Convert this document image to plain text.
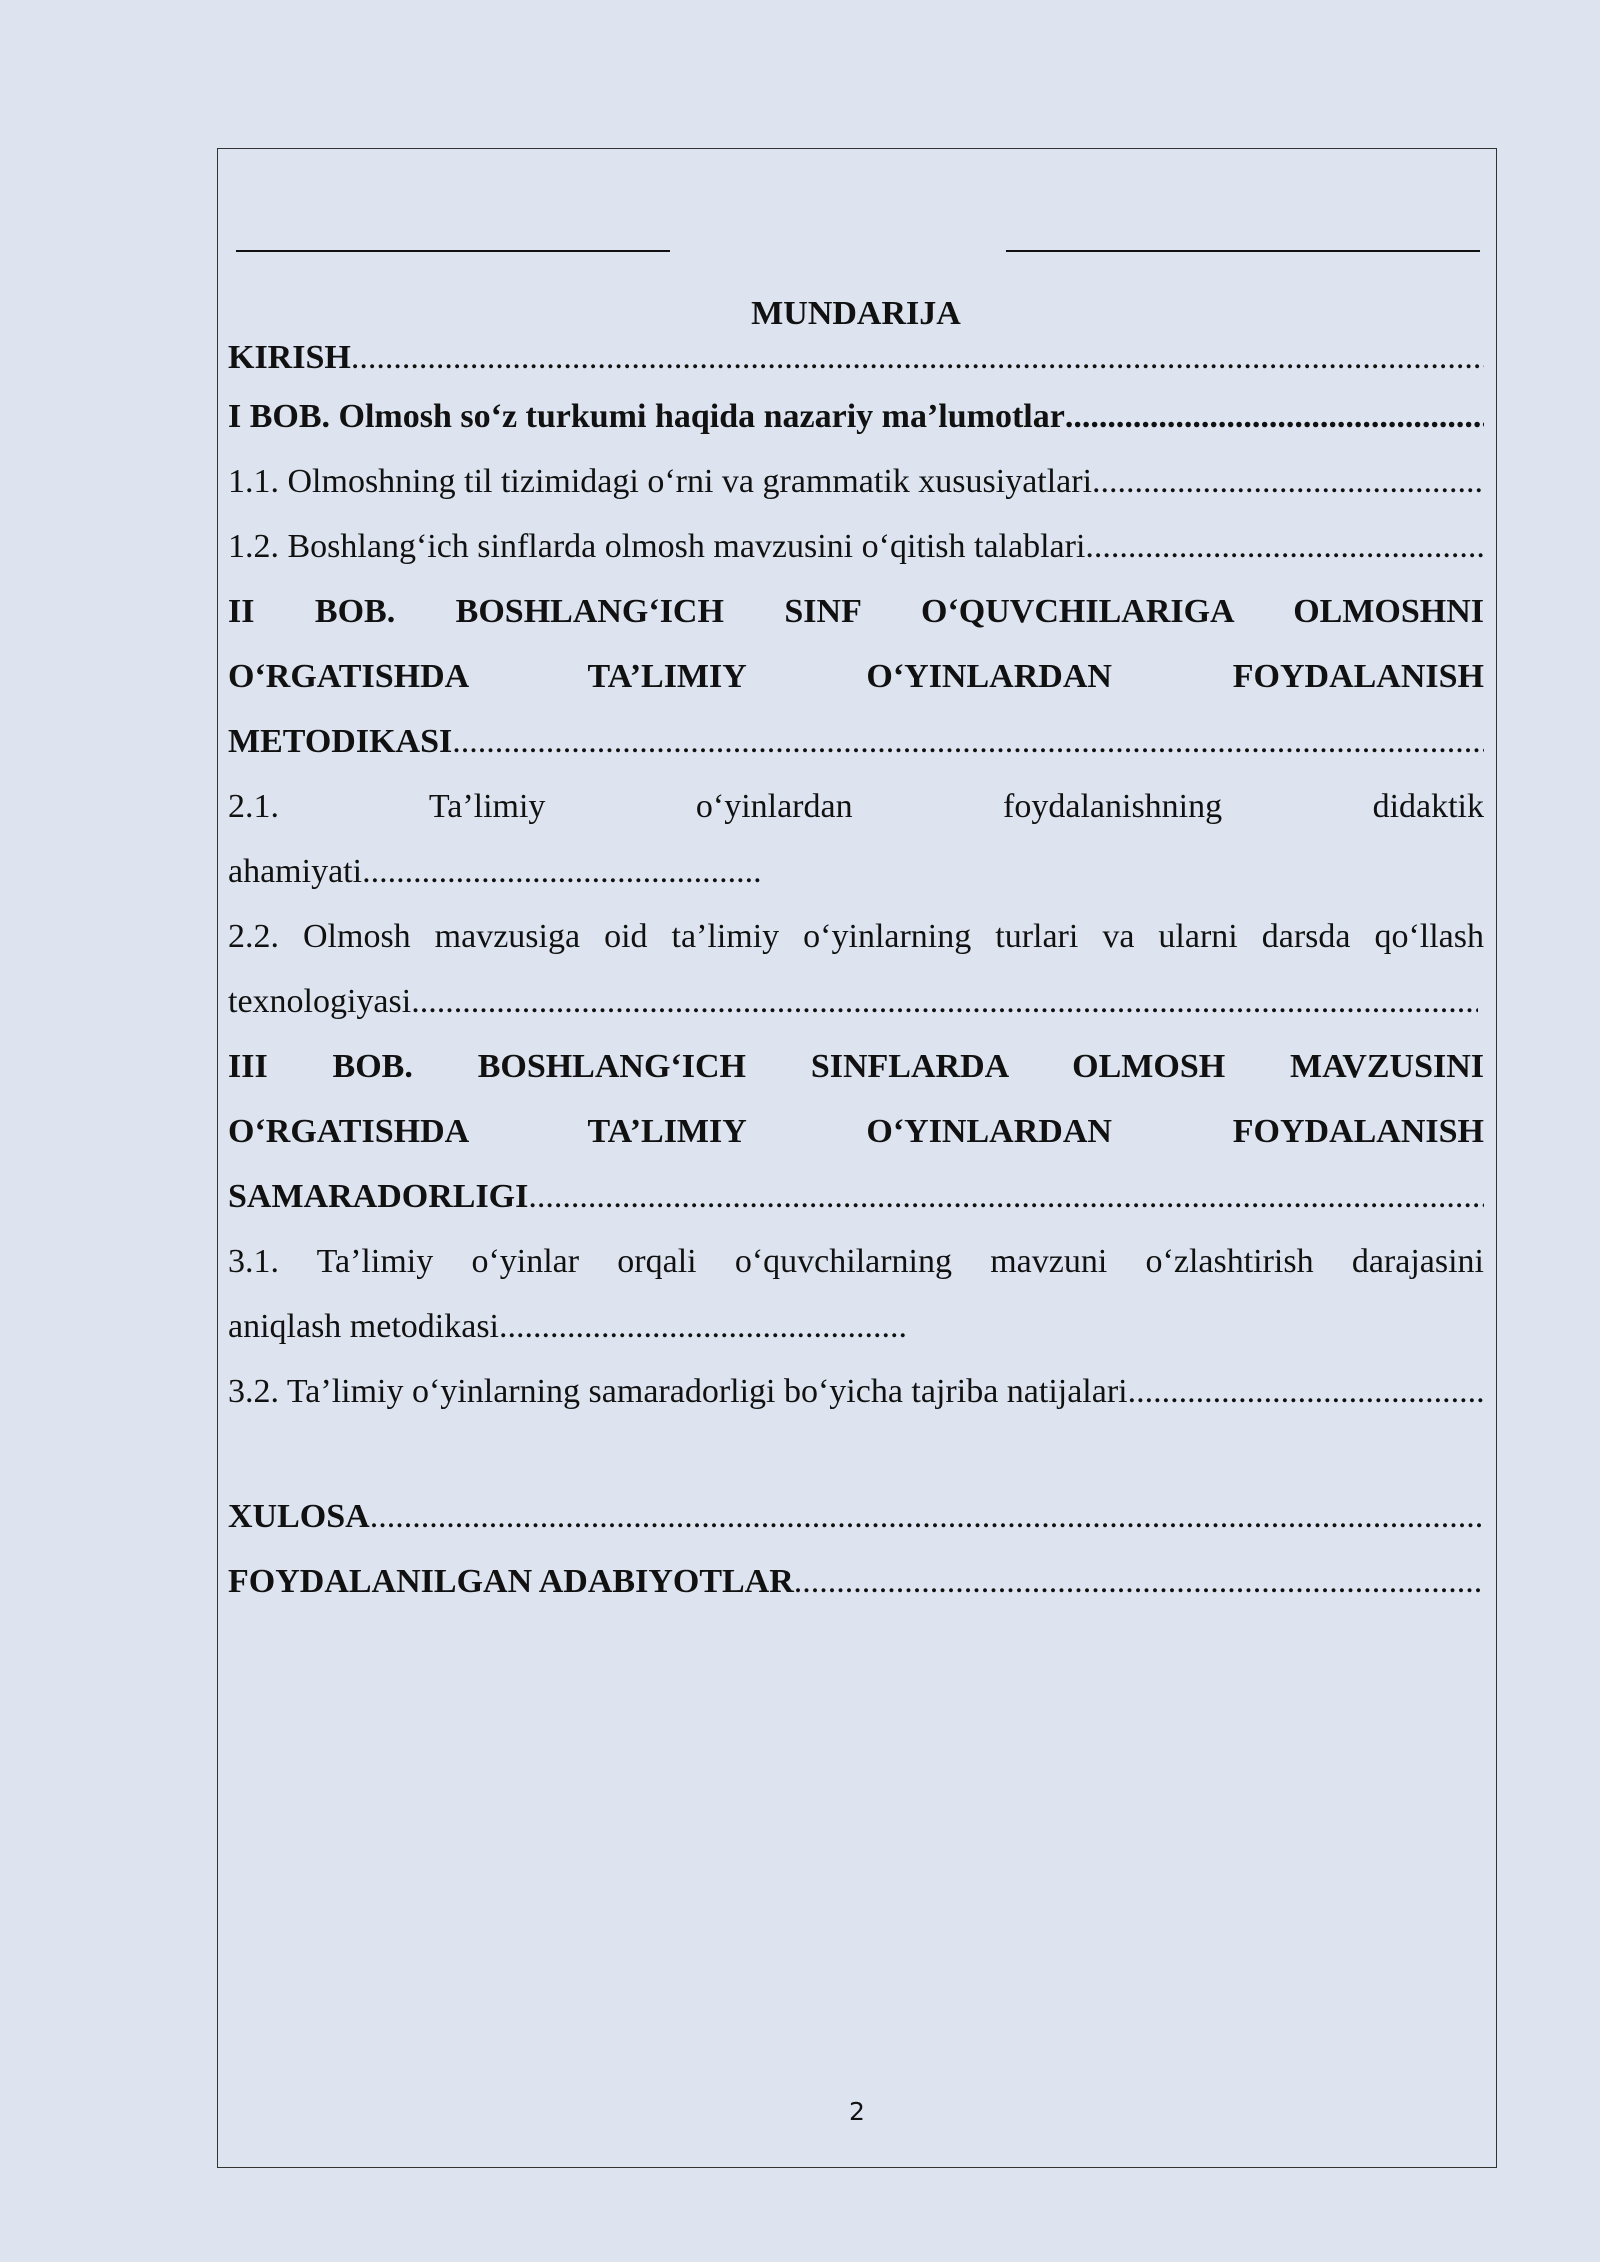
MUNDARIJA
KIRISH
.....
I BOB. Olmosh so‘z turkumi haqida nazariy ma’lumotlar
.....
1.1. Olmoshning til tizimidagi o‘rni va grammatik xususiyatlari
.....
1.2. Boshlang‘ich sinflarda olmosh mavzusini o‘qitish talablari
.....
II BOB. BOSHLANG‘ICH SINF O‘QUVCHILARIGA OLMOSHNI
O‘RGATISHDA TA’LIMIY O‘YINLARDAN FOYDALANISH
METODIKASI
.....
2.1. Ta’limiy o‘yinlardan foydalanishning didaktik
ahamiyati...............................................
2.2. Olmosh mavzusiga oid ta’limiy o‘yinlarning turlari va ularni darsda qo‘llash
texnologiyasi
.....
III BOB. BOSHLANG‘ICH SINFLARDA OLMOSH MAVZUSINI
O‘RGATISHDA TA’LIMIY O‘YINLARDAN FOYDALANISH
SAMARADORLIGI
.....
3.1. Ta’limiy o‘yinlar orqali o‘quvchilarning mavzuni o‘zlashtirish darajasini
aniqlash metodikasi................................................
3.2. Ta’limiy o‘yinlarning samaradorligi bo‘yicha tajriba natijalari
.....
XULOSA
.....
FOYDALANILGAN ADABIYOTLAR
.....
2
